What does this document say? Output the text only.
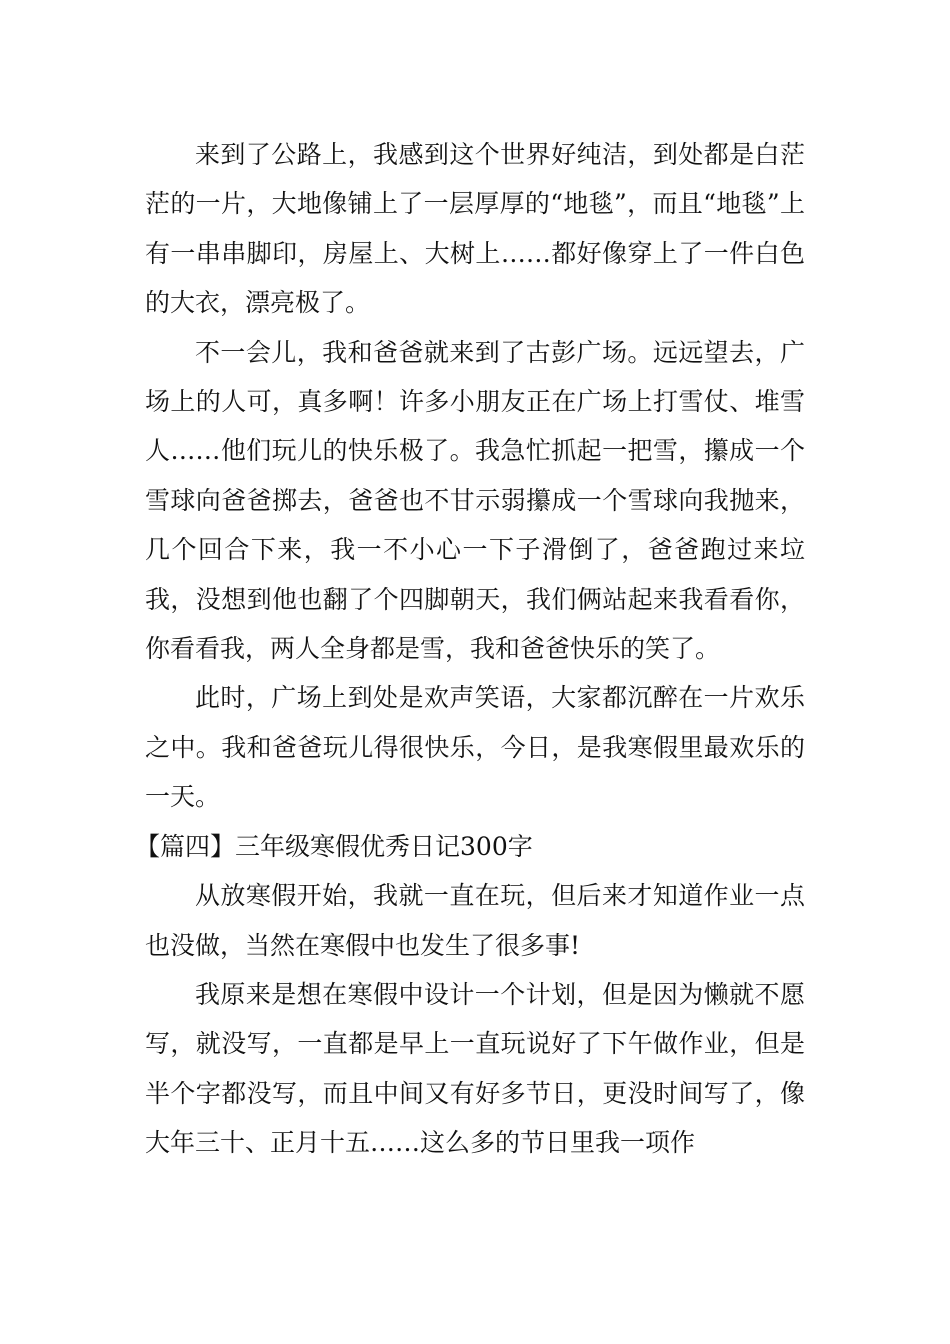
来到了公路上，我感到这个世界好纯洁，到处都是白茫茫的一片，大地像铺上了一层厚厚的“地毯”，而且“地毯”上有一串串脚印，房屋上、大树上……都好像穿上了一件白色的大衣，漂亮极了。

不一会儿，我和爸爸就来到了古彭广场。远远望去，广场上的人可，真多啊！许多小朋友正在广场上打雪仗、堆雪人……他们玩儿的快乐极了。我急忙抓起一把雪，攥成一个雪球向爸爸掷去，爸爸也不甘示弱攥成一个雪球向我抛来，几个回合下来，我一不小心一下子滑倒了，爸爸跑过来垃我，没想到他也翻了个四脚朝天，我们俩站起来我看看你，你看看我，两人全身都是雪，我和爸爸快乐的笑了。

此时，广场上到处是欢声笑语，大家都沉醉在一片欢乐之中。我和爸爸玩儿得很快乐，今日，是我寒假里最欢乐的一天。

【篇四】三年级寒假优秀日记300字

从放寒假开始，我就一直在玩，但后来才知道作业一点也没做，当然在寒假中也发生了很多事!

我原来是想在寒假中设计一个计划，但是因为懒就不愿写，就没写，一直都是早上一直玩说好了下午做作业，但是半个字都没写，而且中间又有好多节日，更没时间写了，像大年三十、正月十五……这么多的节日里我一项作
